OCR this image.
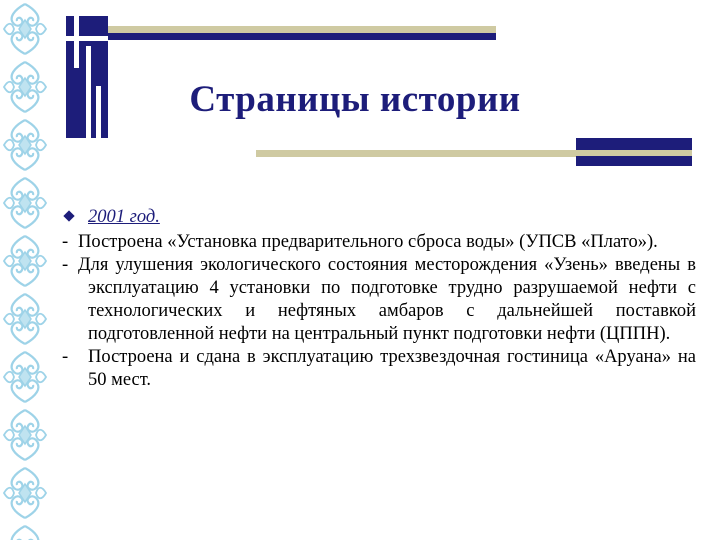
Страницы истории
2001 год.
- Построена «Установка предварительного сброса воды» (УПСВ «Плато»).
- Для улушения экологического состояния месторождения «Узень» введены в эксплуатацию 4 установки по подготовке трудно разрушаемой нефти с технологических и нефтяных амбаров с дальнейшей поставкой подготовленной нефти на центральный пункт подготовки нефти (ЦППН).
- Построена и сдана в эксплуатацию трехзвездочная гостиница «Аруана» на 50 мест.
